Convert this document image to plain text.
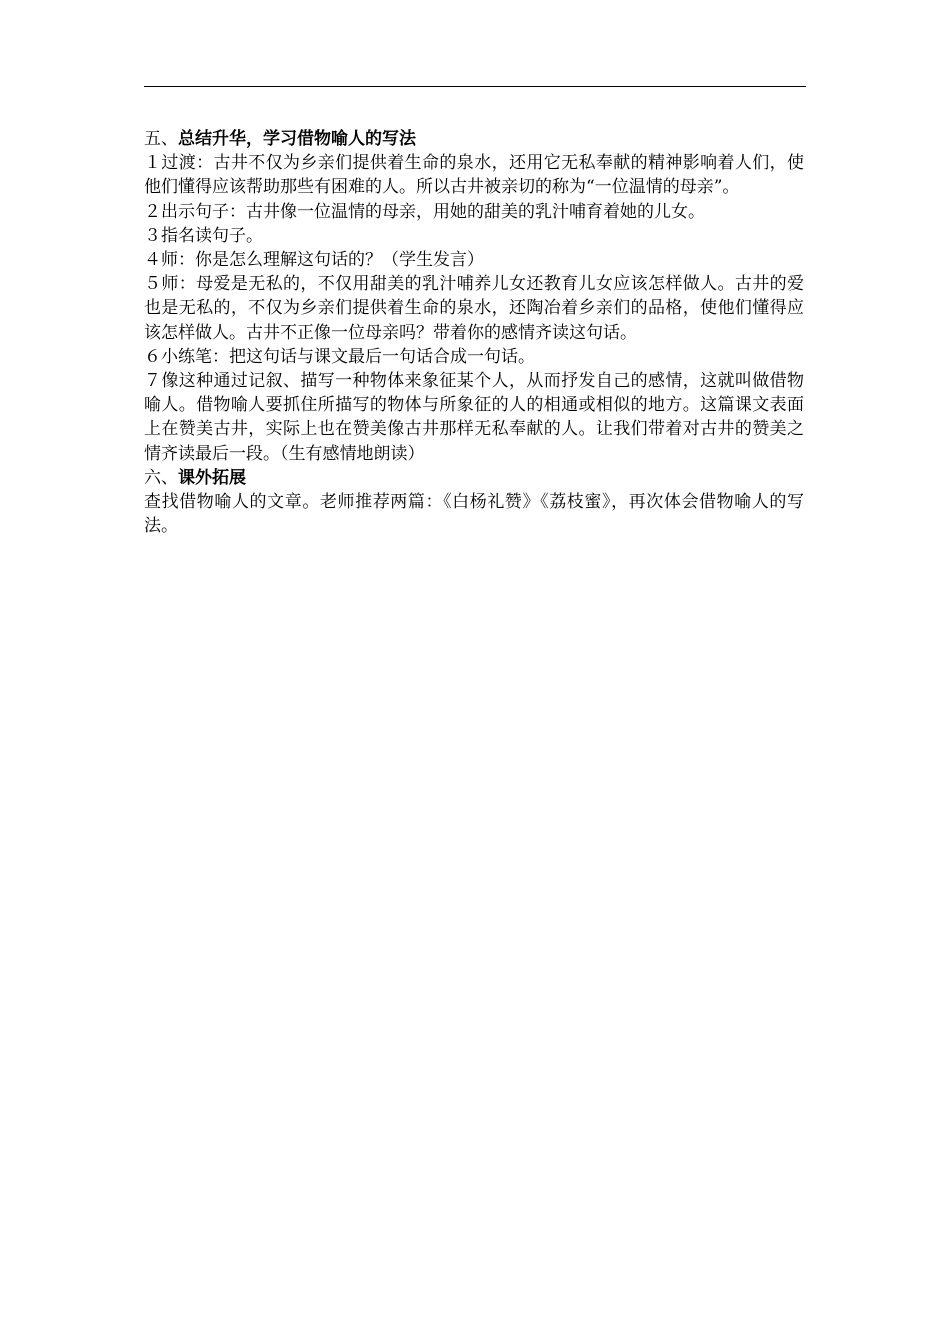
五、总结升华，学习借物喻人的写法

１过渡：古井不仅为乡亲们提供着生命的泉水，还用它无私奉献的精神影响着人们，使他们懂得应该帮助那些有困难的人。所以古井被亲切的称为“一位温情的母亲”。

２出示句子：古井像一位温情的母亲，用她的甜美的乳汁哺育着她的儿女。

３指名读句子。

４师：你是怎么理解这句话的？（学生发言）

５师：母爱是无私的，不仅用甜美的乳汁哺养儿女还教育儿女应该怎样做人。古井的爱也是无私的，不仅为乡亲们提供着生命的泉水，还陶冶着乡亲们的品格，使他们懂得应该怎样做人。古井不正像一位母亲吗？带着你的感情齐读这句话。

６小练笔：把这句话与课文最后一句话合成一句话。

７像这种通过记叙、描写一种物体来象征某个人，从而抒发自己的感情，这就叫做借物喻人。借物喻人要抓住所描写的物体与所象征的人的相通或相似的地方。这篇课文表面上在赞美古井，实际上也在赞美像古井那样无私奉献的人。让我们带着对古井的赞美之情齐读最后一段。（生有感情地朗读）

六、课外拓展

查找借物喻人的文章。老师推荐两篇：《白杨礼赞》《荔枝蜜》，再次体会借物喻人的写法。
